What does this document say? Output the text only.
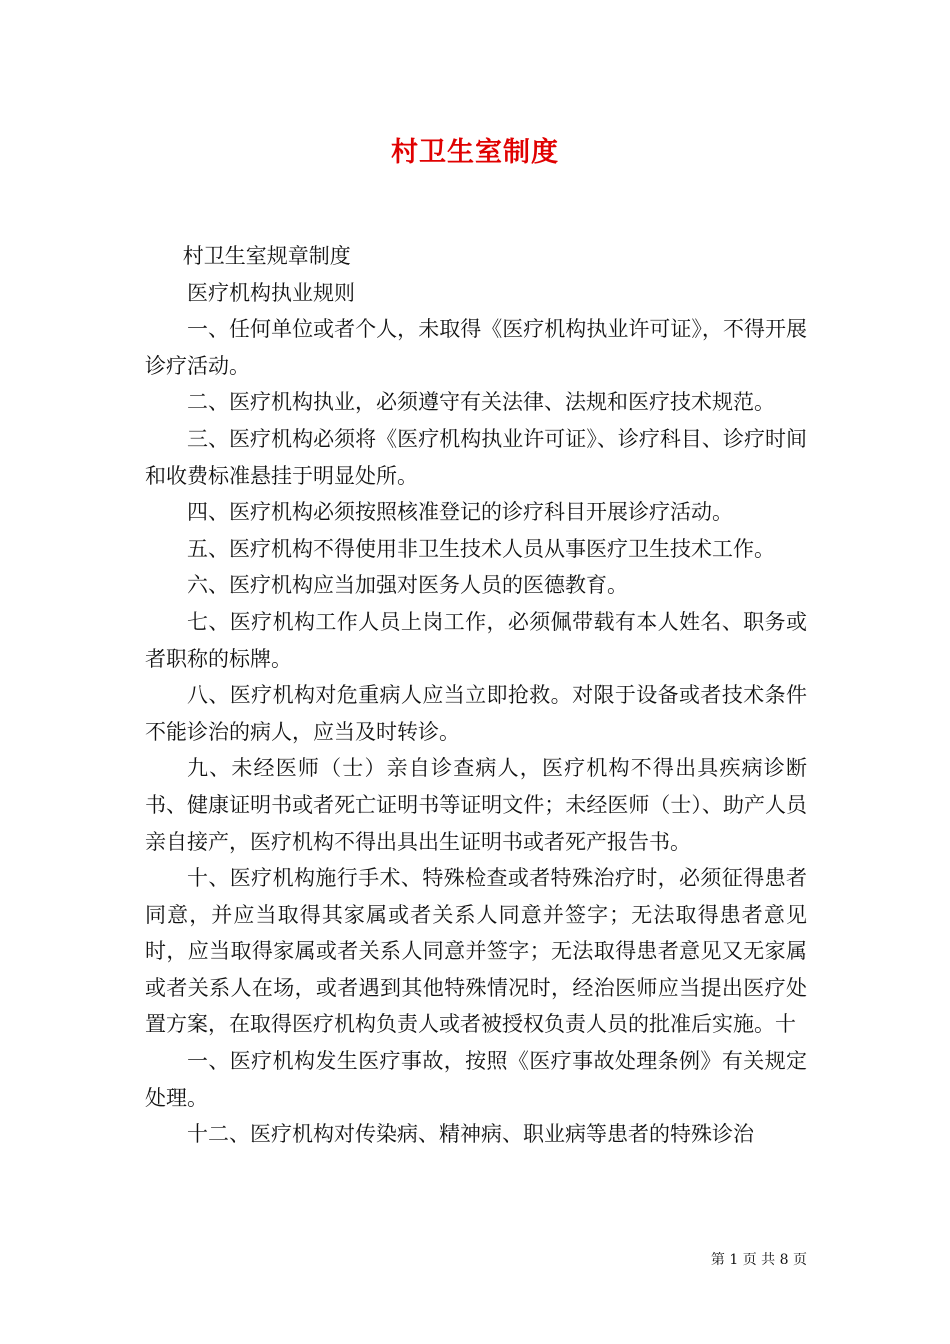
村卫生室制度

村卫生室规章制度

医疗机构执业规则

一、任何单位或者个人，未取得《医疗机构执业许可证》，不得开展诊疗活动。

二、医疗机构执业，必须遵守有关法律、法规和医疗技术规范。

三、医疗机构必须将《医疗机构执业许可证》、诊疗科目、诊疗时间和收费标准悬挂于明显处所。

四、医疗机构必须按照核准登记的诊疗科目开展诊疗活动。

五、医疗机构不得使用非卫生技术人员从事医疗卫生技术工作。

六、医疗机构应当加强对医务人员的医德教育。

七、医疗机构工作人员上岗工作，必须佩带载有本人姓名、职务或者职称的标牌。

八、医疗机构对危重病人应当立即抢救。对限于设备或者技术条件不能诊治的病人，应当及时转诊。

九、未经医师（士）亲自诊查病人，医疗机构不得出具疾病诊断书、健康证明书或者死亡证明书等证明文件；未经医师（士）、助产人员亲自接产，医疗机构不得出具出生证明书或者死产报告书。

十、医疗机构施行手术、特殊检查或者特殊治疗时，必须征得患者同意，并应当取得其家属或者关系人同意并签字；无法取得患者意见时，应当取得家属或者关系人同意并签字；无法取得患者意见又无家属或者关系人在场，或者遇到其他特殊情况时，经治医师应当提出医疗处置方案，在取得医疗机构负责人或者被授权负责人员的批准后实施。十

一、医疗机构发生医疗事故，按照《医疗事故处理条例》有关规定处理。

十二、医疗机构对传染病、精神病、职业病等患者的特殊诊治

第 1 页 共 8 页
